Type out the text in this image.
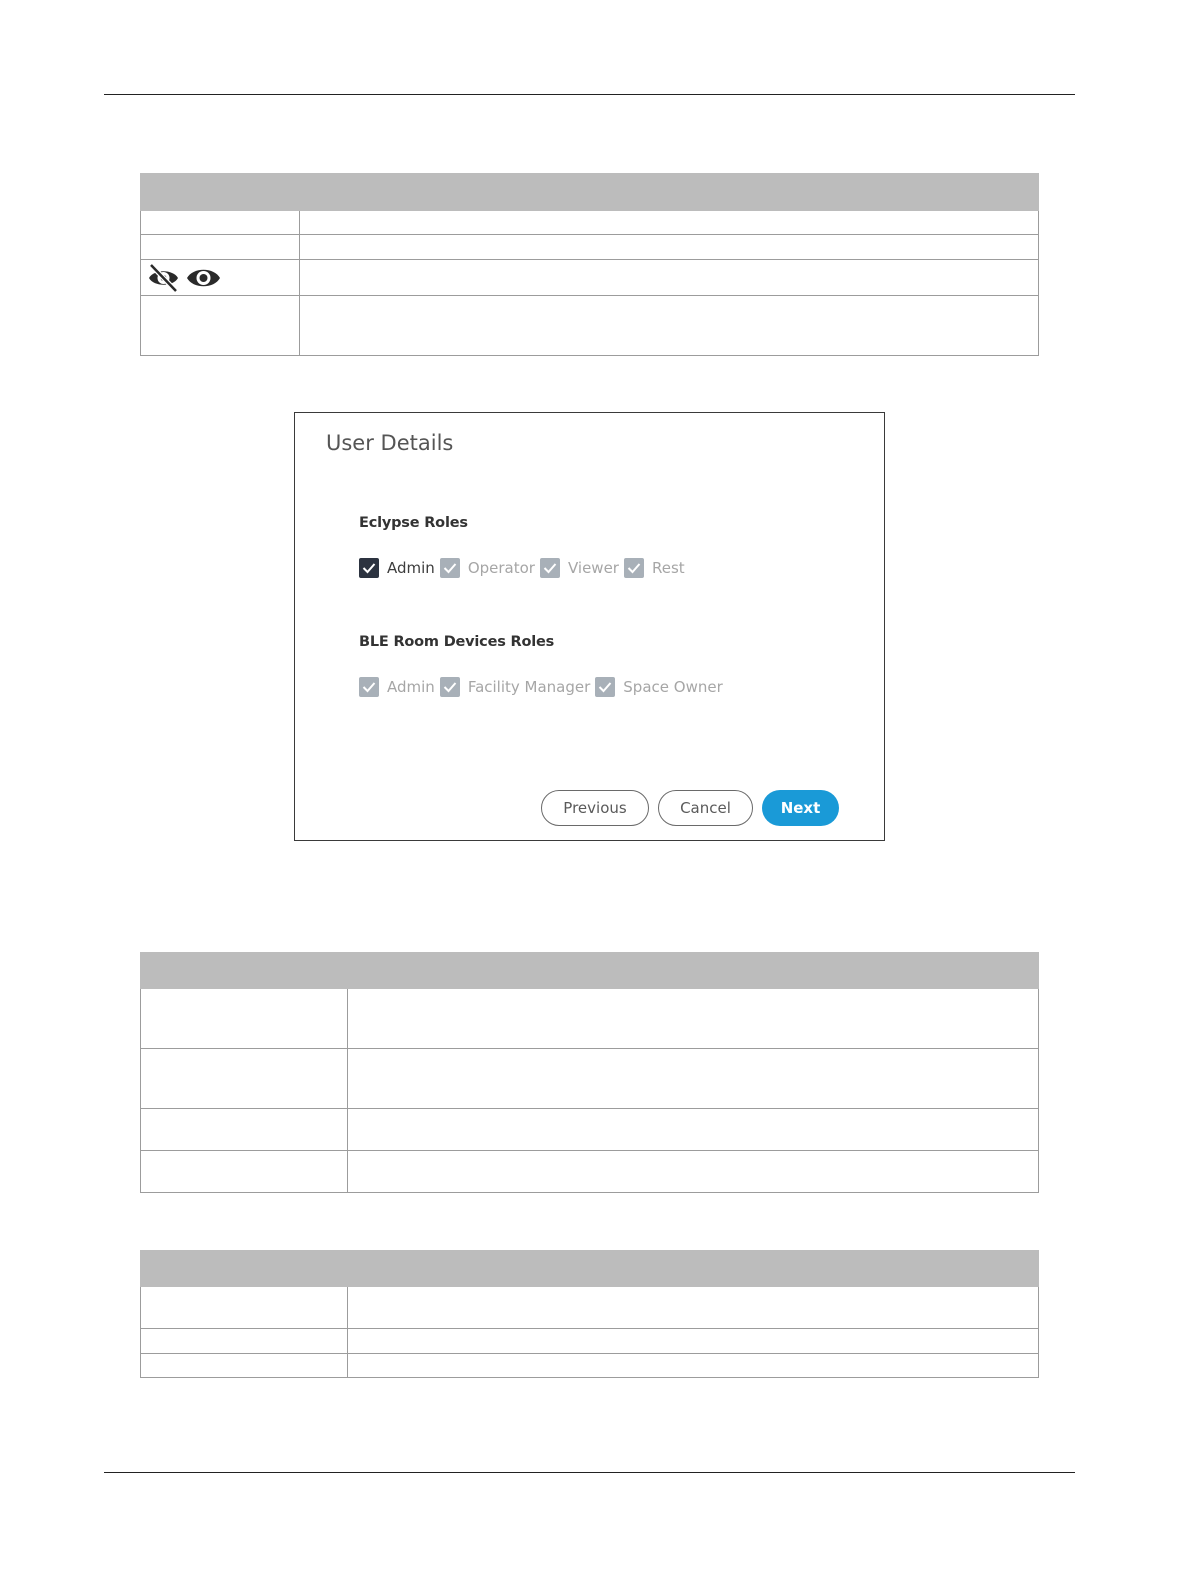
User Details
Eclypse Roles
Admin Operator Viewer Rest
BLE Room Devices Roles
Admin Facility Manager Space Owner
Previous	Cancel	Next
